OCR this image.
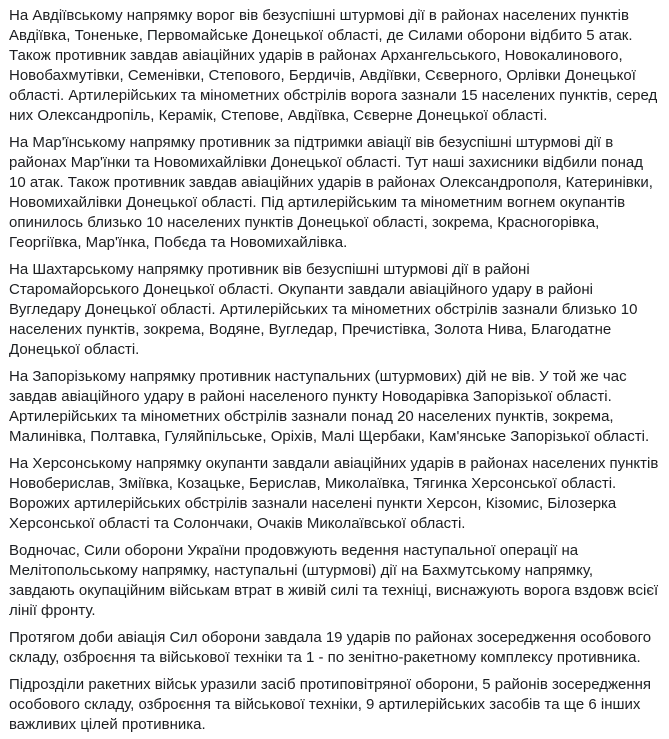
На Авдіївському напрямку ворог вів безуспішні штурмові дії в районах населених пунктів Авдіївка, Тоненьке, Первомайське Донецької області, де Силами оборони відбито 5 атак. Також противник завдав авіаційних ударів в районах Архангельського, Новокалинового, Новобахмутівки, Семенівки, Степового, Бердичів, Авдіївки, Сєверного, Орлівки Донецької області. Артилерійських та мінометних обстрілів ворога зазнали 15 населених пунктів, серед них Олександропіль, Керамік, Степове, Авдіївка, Сєверне Донецької області.

На Мар'їнському напрямку противник за підтримки авіації вів безуспішні штурмові дії в районах Мар'їнки та Новомихайлівки Донецької області. Тут наші захисники відбили понад 10 атак. Також противник завдав авіаційних ударів в районах Олександрополя, Катеринівки, Новомихайлівки Донецької області. Під артилерійським та мінометним вогнем окупантів опинилось близько 10 населених пунктів Донецької області, зокрема, Красногорівка, Георгіївка, Мар'їнка, Побєда та Новомихайлівка.

На Шахтарському напрямку противник вів безуспішні штурмові дії в районі Старомайорського Донецької області. Окупанти завдали авіаційного удару в районі Вугледару Донецької області. Артилерійських та мінометних обстрілів зазнали близько 10 населених пунктів, зокрема, Водяне, Вугледар, Пречистівка, Золота Нива, Благодатне Донецької області.

На Запорізькому напрямку противник наступальних (штурмових) дій не вів. У той же час завдав авіаційного удару в районі населеного пункту Новодарівка Запорізької області. Артилерійських та мінометних обстрілів зазнали понад 20 населених пунктів, зокрема, Малинівка, Полтавка, Гуляйпільське, Оріхів, Малі Щербаки, Кам'янське Запорізької області.

На Херсонському напрямку окупанти завдали авіаційних ударів в районах населених пунктів Новоберислав, Зміївка, Козацьке, Берислав, Миколаївка, Тягинка Херсонської області. Ворожих артилерійських обстрілів зазнали населені пункти Херсон, Кізомис, Білозерка Херсонської області та Солончаки, Очаків Миколаївської області.

Водночас, Сили оборони України продовжують ведення наступальної операції на Мелітопольському напрямку, наступальні (штурмові) дії на Бахмутському напрямку, завдають окупаційним військам втрат в живій силі та техніці, виснажують ворога вздовж всієї лінії фронту.

Протягом доби авіація Сил оборони завдала 19 ударів по районах зосередження особового складу, озброєння та військової техніки та 1 - по зенітно-ракетному комплексу противника.

Підрозділи ракетних військ уразили засіб протиповітряної оборони, 5 районів зосередження особового складу, озброєння та військової техніки, 9 артилерійських засобів та ще 6 інших важливих цілей противника.
